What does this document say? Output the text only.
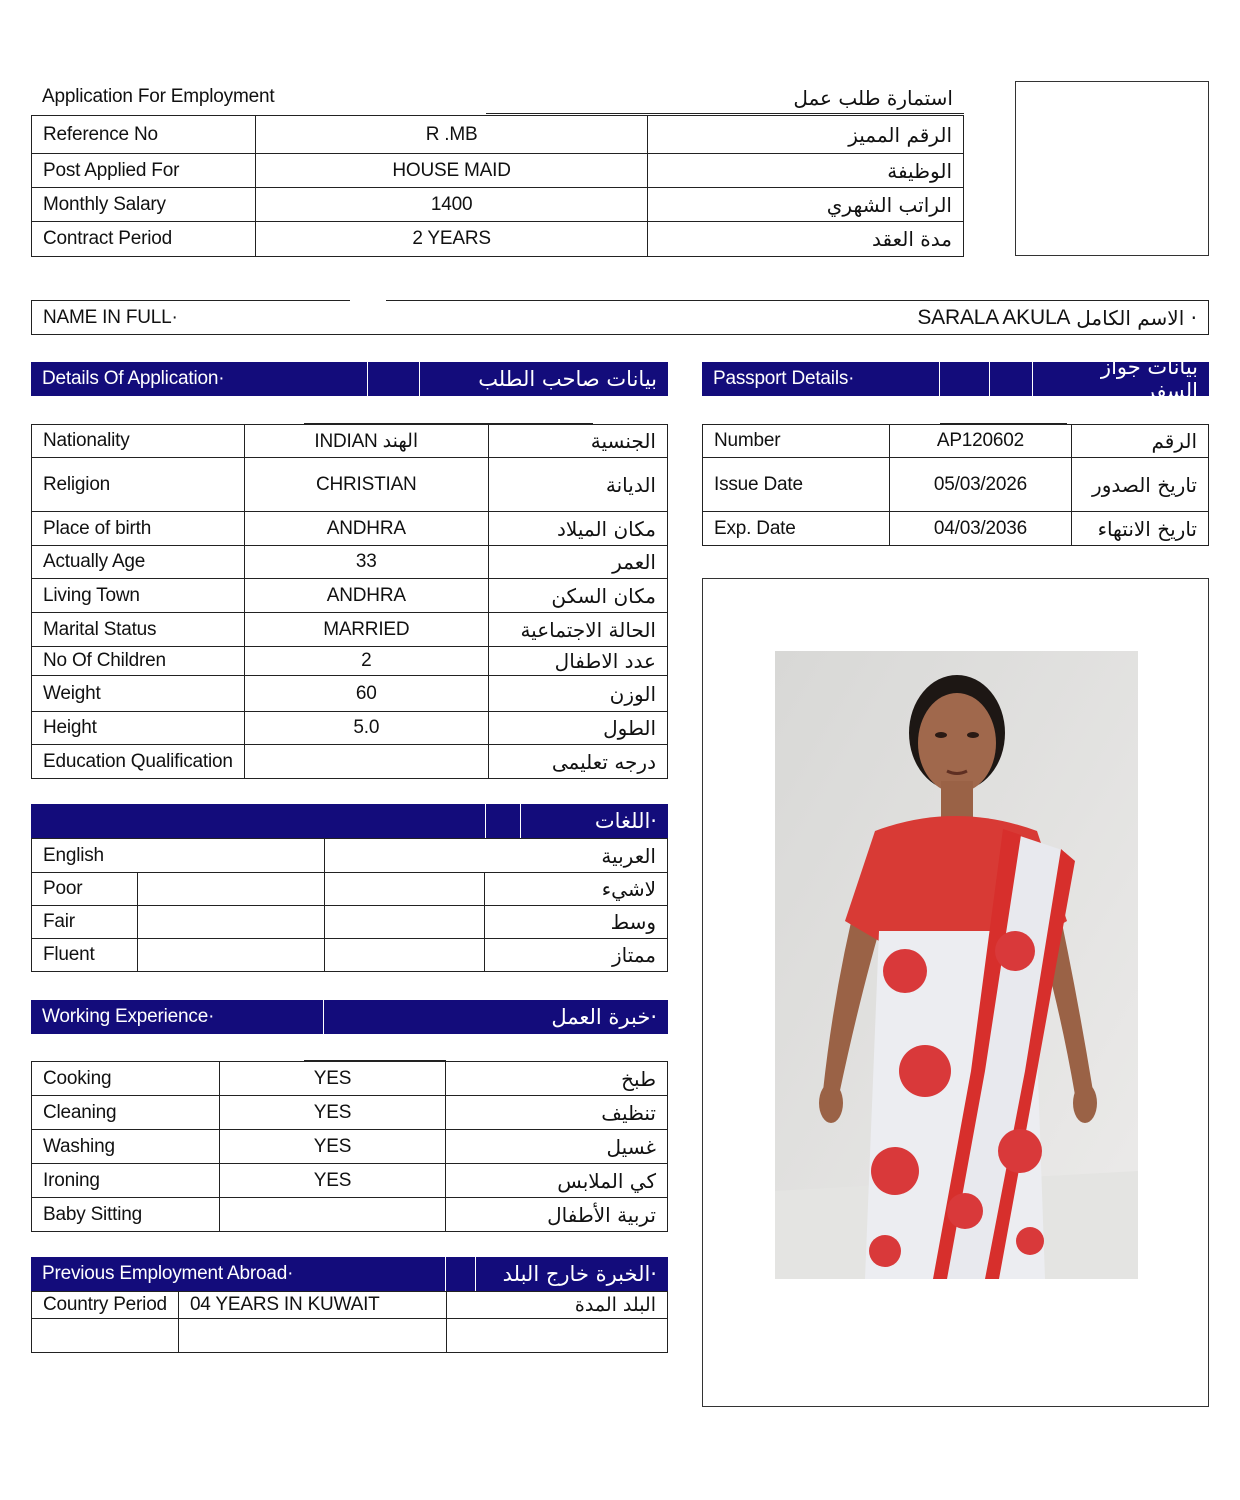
Application For Employment	استمارة طلب عمل
Reference No	R .MB	الرقم المميز
Post Applied For	HOUSE MAID	الوظيفة
Monthly Salary	1400	الراتب الشهري
Contract Period	2 YEARS	مدة العقد
NAME IN FULL·	SARALA AKULA · الاسم الكامل
Details Of Application·	بيانات صاحب الطلب	Passport Details·	بيانات جواز السفر
Nationality	INDIAN الهند	الجنسية
Religion	CHRISTIAN	الديانة
Place of birth	ANDHRA	مكان الميلاد
Actually Age	33	العمر
Living Town	ANDHRA	مكان السكن
Marital Status	MARRIED	الحالة الاجتماعية
No Of Children	2	عدد الاطفال
Weight	60	الوزن
Height	5.0	الطول
Education Qualification		درجه تعليمى
Number	AP120602	الرقم
Issue Date	05/03/2026	تاريخ الصدور
Exp. Date	04/03/2036	تاريخ الانتهاء
·اللغات
English		العربية	
Poor			لاشيء
Fair			وسط
Fluent			ممتاز
Working Experience·	·خبرة العمل
Cooking	YES	طبخ
Cleaning	YES	تنظيف
Washing	YES	غسيل
Ironing	YES	كي الملابس
Baby Sitting		تربية الأطفال
Previous Employment Abroad·	·الخبرة خارج البلد
Country Period	04 YEARS IN KUWAIT	البلد المدة
